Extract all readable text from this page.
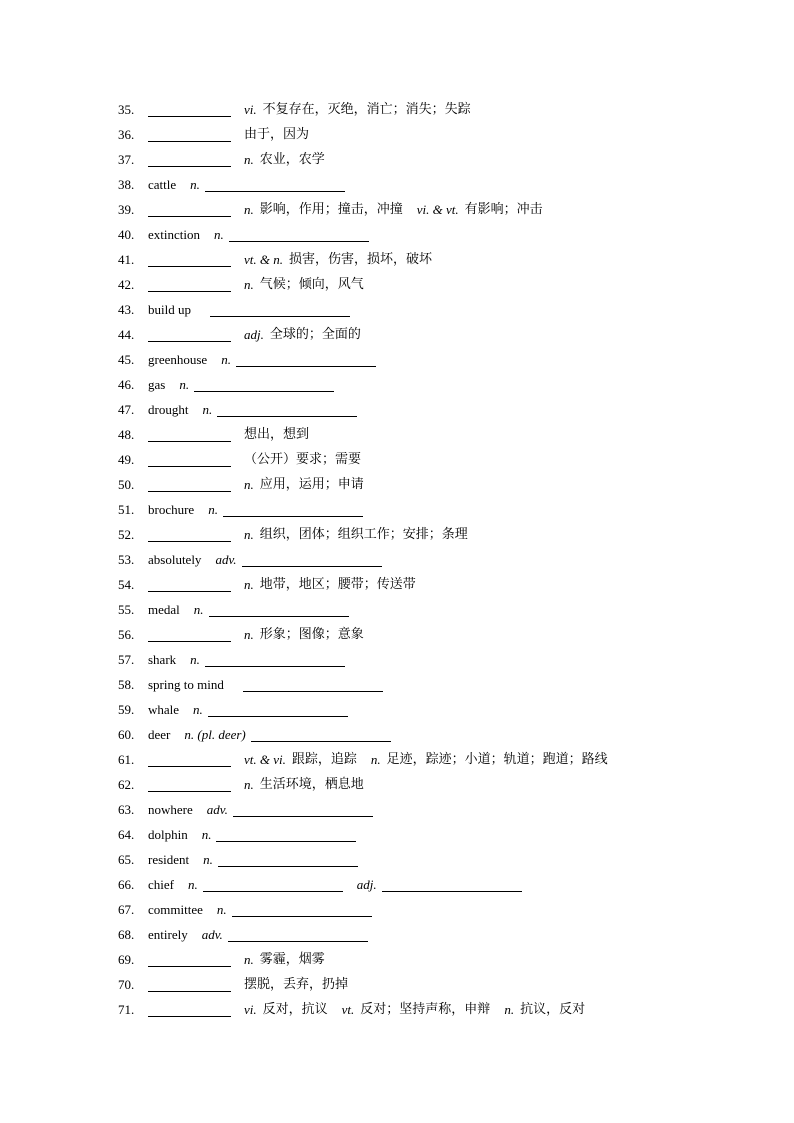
35.	vi. 不复存在，灭绝，消亡；消失；失踪
36.	由于，因为
37.	n. 农业，农学
38.	cattle n.
39.	n. 影响，作用；撞击，冲撞 vi. & vt. 有影响；冲击
40.	extinction n.
41.	vt. & n. 损害，伤害，损坏，破坏
42.	n. 气候；倾向，风气
43.	build up
44.	adj. 全球的；全面的
45.	greenhouse n.
46.	gas n.
47.	drought n.
48.	想出，想到
49.	（公开）要求；需要
50.	n. 应用，运用；申请
51.	brochure n.
52.	n. 组织，团体；组织工作；安排；条理
53.	absolutely adv.
54.	n. 地带，地区；腰带；传送带
55.	medal n.
56.	n. 形象；图像；意象
57.	shark n.
58.	spring to mind
59.	whale n.
60.	deer n. (pl. deer)
61.	vt. & vi. 跟踪，追踪 n. 足迹，踪迹；小道；轨道；跑道；路线
62.	n. 生活环境，栖息地
63.	nowhere adv.
64.	dolphin n.
65.	resident n.
66.	chief n.	adj.
67.	committee n.
68.	entirely adv.
69.	n. 雾霾，烟雾
70.	摆脱，丢弃，扔掉
71.	vi. 反对，抗议 vt. 反对；坚持声称，申辩 n. 抗议，反对
